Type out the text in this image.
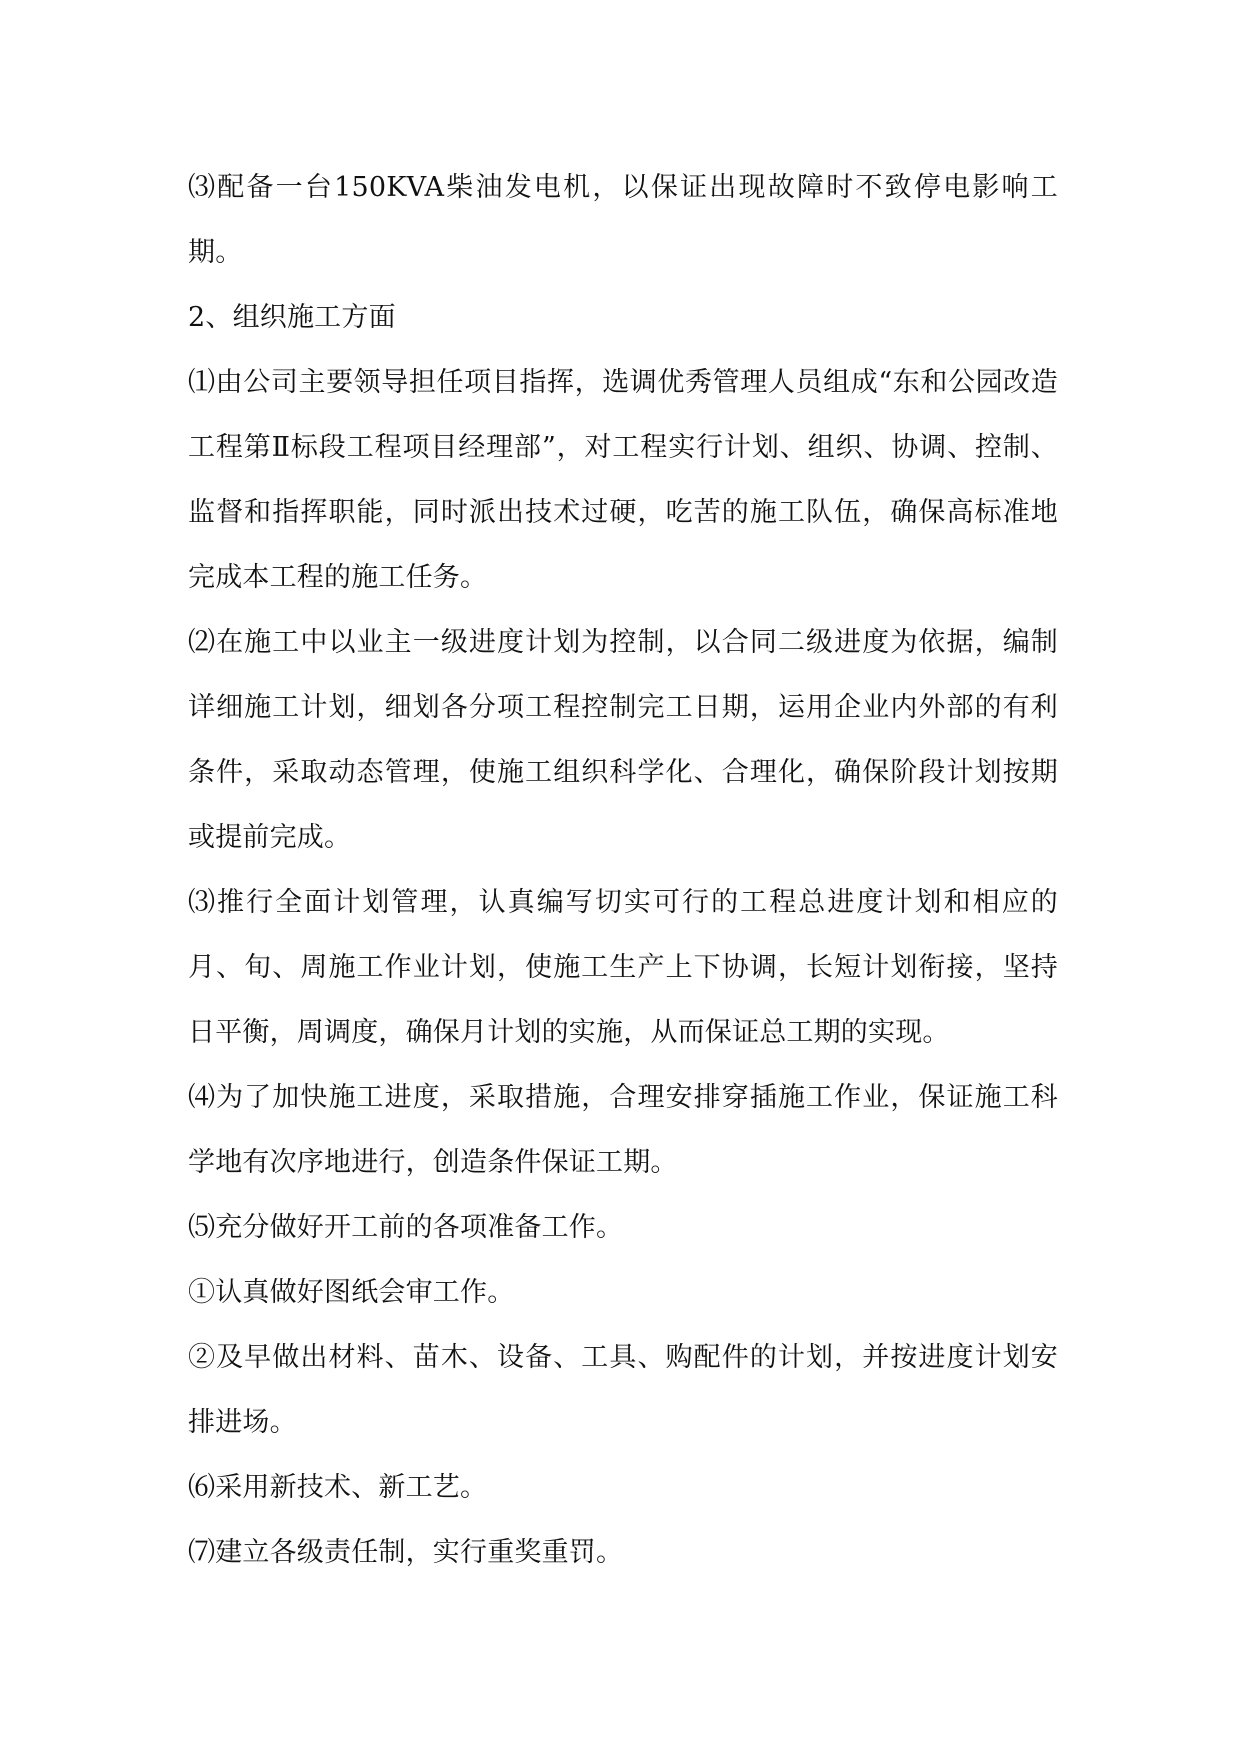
⑶配备一台150KVA柴油发电机，以保证出现故障时不致停电影响工期。

2、组织施工方面

⑴由公司主要领导担任项目指挥，选调优秀管理人员组成“东和公园改造工程第Ⅱ标段工程项目经理部”，对工程实行计划、组织、协调、控制、监督和指挥职能，同时派出技术过硬，吃苦的施工队伍，确保高标准地完成本工程的施工任务。

⑵在施工中以业主一级进度计划为控制，以合同二级进度为依据，编制详细施工计划，细划各分项工程控制完工日期，运用企业内外部的有利条件，采取动态管理，使施工组织科学化、合理化，确保阶段计划按期或提前完成。

⑶推行全面计划管理，认真编写切实可行的工程总进度计划和相应的月、旬、周施工作业计划，使施工生产上下协调，长短计划衔接，坚持日平衡，周调度，确保月计划的实施，从而保证总工期的实现。

⑷为了加快施工进度，采取措施，合理安排穿插施工作业，保证施工科学地有次序地进行，创造条件保证工期。

⑸充分做好开工前的各项准备工作。

①认真做好图纸会审工作。

②及早做出材料、苗木、设备、工具、购配件的计划，并按进度计划安排进场。

⑹采用新技术、新工艺。

⑺建立各级责任制，实行重奖重罚。
